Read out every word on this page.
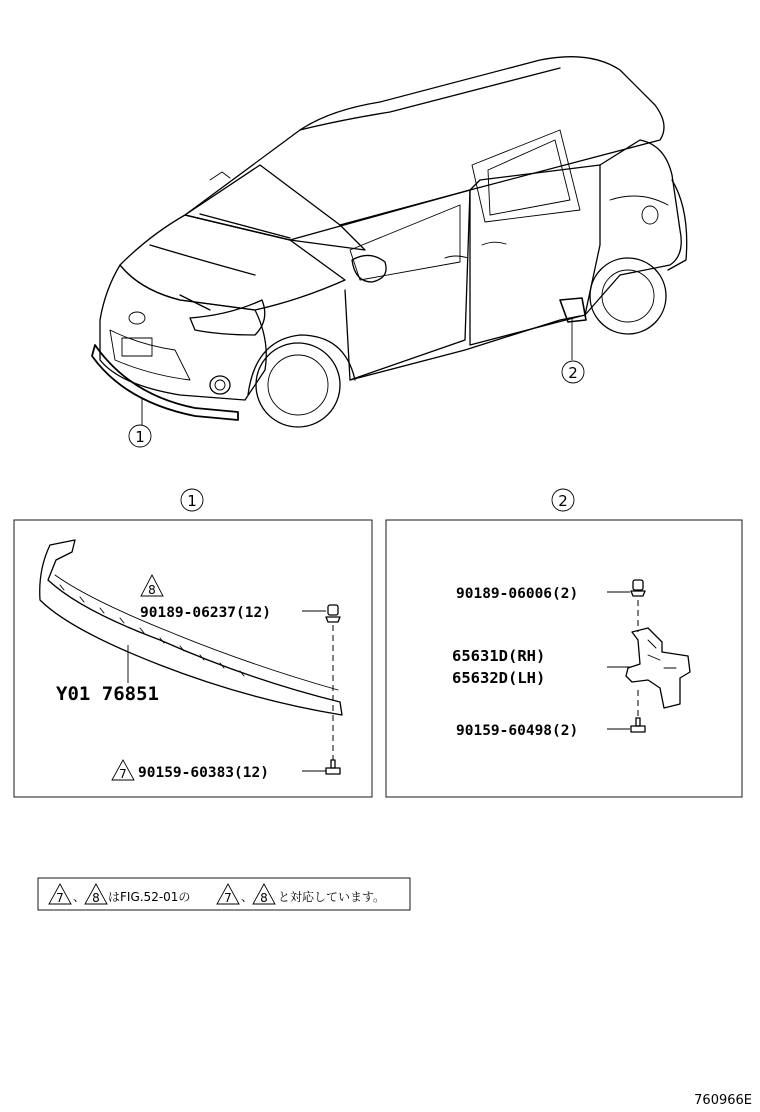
1
2
1
Y01 76851
8
90189-06237(12)
7 90159-60383(12)
2
90189-06006(2)
65631D(RH)
65632D(LH)
90159-60498(2)
7 、 8 はFIG.52-01の	7 、 8 と対応しています。
760966E
